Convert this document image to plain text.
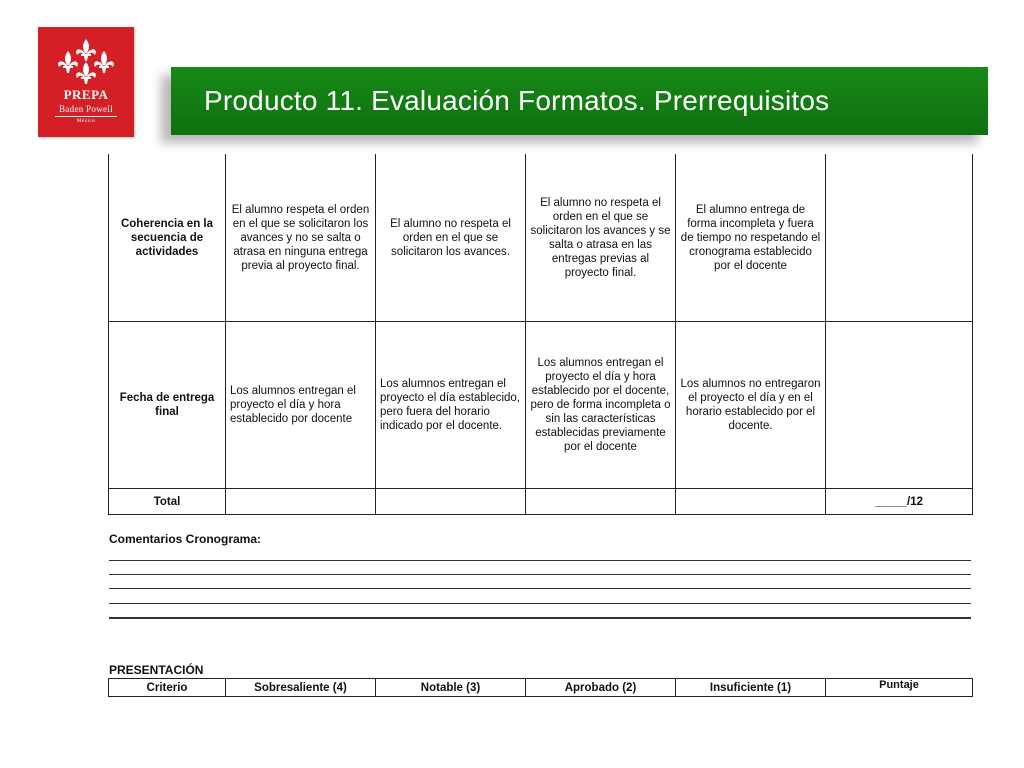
PREPA
Baden Powell
México
Producto 11. Evaluación Formatos. Prerrequisitos
Coherencia en la secuencia de actividades	El alumno respeta el orden en el que se solicitaron los avances y no se salta o atrasa en ninguna entrega previa al proyecto final.	El alumno no respeta el orden en el que se solicitaron los avances.	El alumno no respeta el orden en el que se solicitaron los avances y se salta o atrasa en las entregas previas al proyecto final.	El alumno entrega de forma incompleta y fuera de tiempo no respetando el cronograma establecido por el docente	
Fecha de entrega final	Los alumnos entregan el proyecto el día y hora establecido por docente	Los alumnos entregan el proyecto el día establecido, pero fuera del horario indicado por el docente.	Los alumnos entregan el proyecto el día y hora establecido por el docente, pero de forma incompleta o sin las características establecidas previamente por el docente	Los alumnos no entregaron el proyecto el día y en el horario establecido por el docente.	
Total					_____/12
Comentarios Cronograma:
PRESENTACIÓN
Criterio	Sobresaliente (4)	Notable (3)	Aprobado (2)	Insuficiente (1)	Puntaje
